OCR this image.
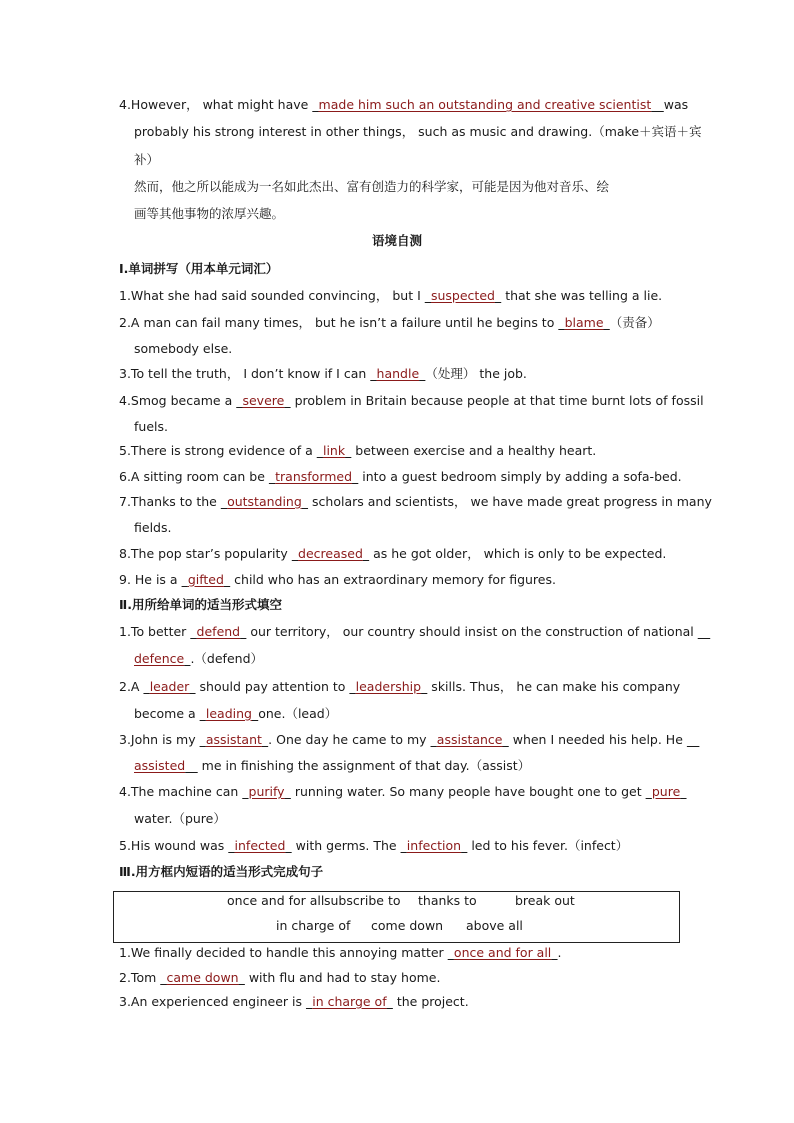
4.However， what might have  made him such an outstanding and creative scientist   was
probably his strong interest in other things， such as music and drawing.（make＋宾语＋宾
补）
然而，他之所以能成为一名如此杰出、富有创造力的科学家，可能是因为他对音乐、绘
画等其他事物的浓厚兴趣。
语境自测
Ⅰ.单词拼写（用本单元词汇）
1.What she had said sounded convincing， but I  suspected  that she was telling a lie.
2.A man can fail many times， but he isn’t a failure until he begins to  blame  （责备）
somebody else.
3.To tell the truth， I don’t know if I can  handle  （处理） the job.
4.Smog became a  severe  problem in Britain because people at that time burnt lots of fossil
fuels.
5.There is strong evidence of a  link  between exercise and a healthy heart.
6.A sitting room can be  transformed  into a guest bedroom simply by adding a sofa-bed.
7.Thanks to the  outstanding  scholars and scientists， we have made great progress in many
fields.
8.The pop star’s popularity  decreased  as he got older， which is only to be expected.
9. He is a  gifted  child who has an extraordinary memory for figures.
Ⅱ.用所给单词的适当形式填空
1.To better  defend  our territory， our country should insist on the construction of national   
defence  .（defend）
2.A  leader  should pay attention to  leadership  skills. Thus， he can make his company
become a  leading  one.（lead）
3.John is my  assistant  . One day he came to my  assistance  when I needed his help. He   
assisted   me in finishing the assignment of that day.（assist）
4.The machine can  purify  running water. So many people have bought one to get  pure 
water.（pure）
5.His wound was  infected  with germs. The  infection  led to his fever.（infect）
Ⅲ.用方框内短语的适当形式完成句子
once and for all subscribe to thanks to	break out
in charge of come down above all
1.We finally decided to handle this annoying matter  once and for all  .
2.Tom  came down  with flu and had to stay home.
3.An experienced engineer is  in charge of  the project.
